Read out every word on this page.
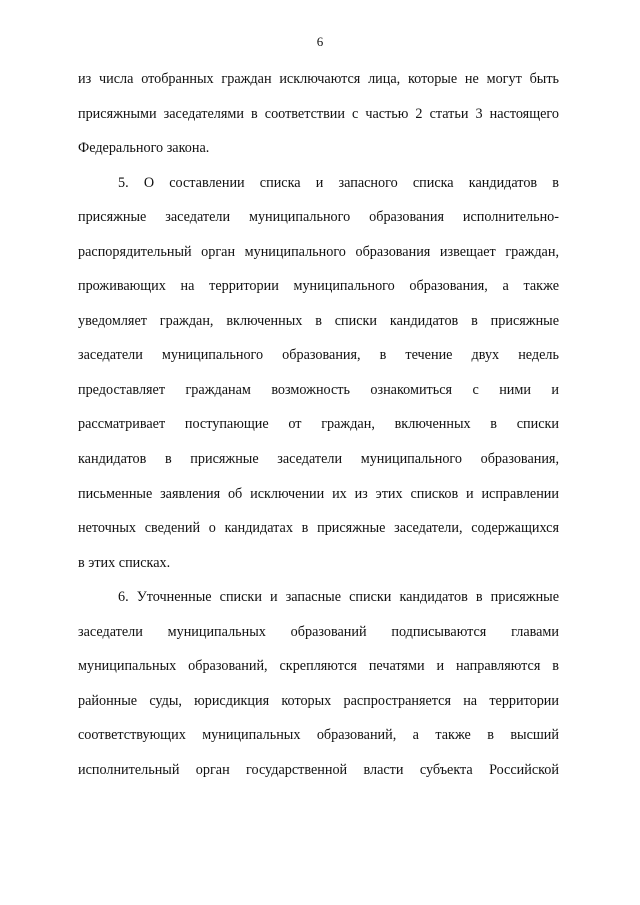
6
из числа отобранных граждан исключаются лица, которые не могут быть
присяжными заседателями в соответствии с частью 2 статьи 3 настоящего
Федерального закона.
5. О составлении списка и запасного списка кандидатов в
присяжные заседатели муниципального образования исполнительно-
распорядительный орган муниципального образования извещает граждан,
проживающих на территории муниципального образования, а также
уведомляет граждан, включенных в списки кандидатов в присяжные
заседатели муниципального образования, в течение двух недель
предоставляет гражданам возможность ознакомиться с ними и
рассматривает поступающие от граждан, включенных в списки
кандидатов в присяжные заседатели муниципального образования,
письменные заявления об исключении их из этих списков и исправлении
неточных сведений о кандидатах в присяжные заседатели, содержащихся
в этих списках.
6. Уточненные списки и запасные списки кандидатов в присяжные
заседатели муниципальных образований подписываются главами
муниципальных образований, скрепляются печатями и направляются в
районные суды, юрисдикция которых распространяется на территории
соответствующих муниципальных образований, а также в высший
исполнительный орган государственной власти субъекта Российской
